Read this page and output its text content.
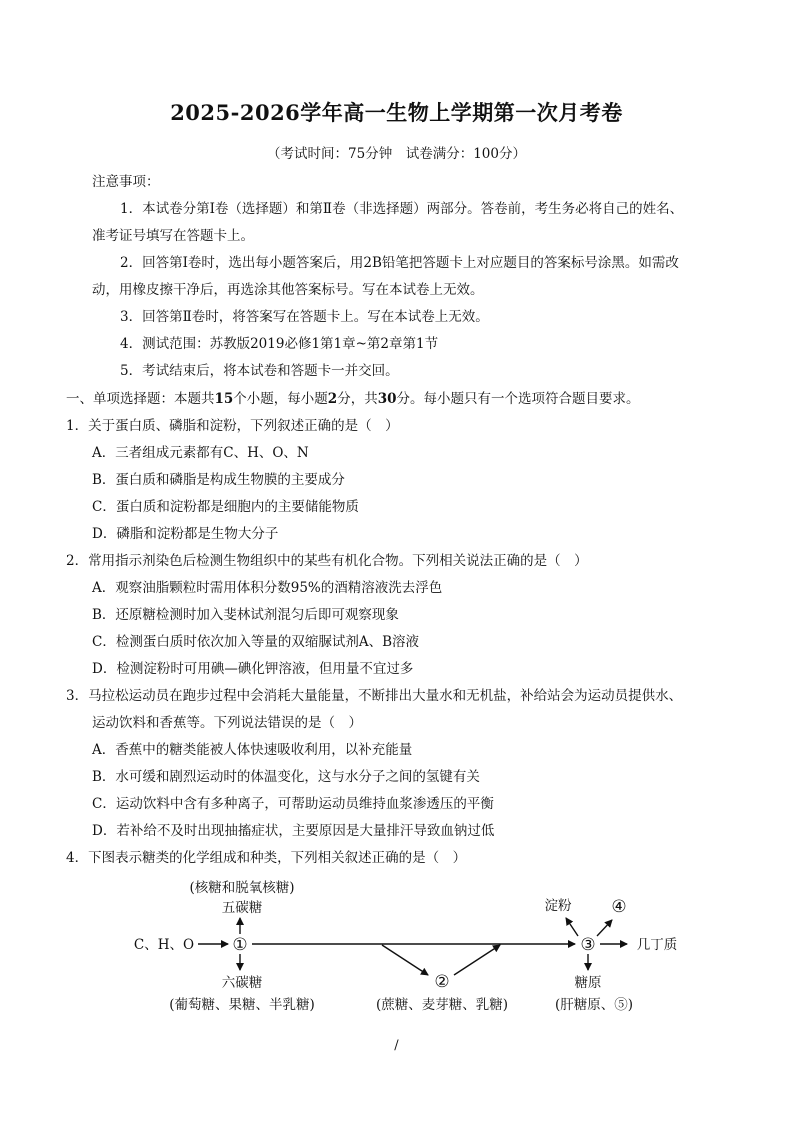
2025-2026学年高一生物上学期第一次月考卷
（考试时间：75分钟　试卷满分：100分）
注意事项：
1．本试卷分第Ⅰ卷（选择题）和第Ⅱ卷（非选择题）两部分。答卷前，考生务必将自己的姓名、
准考证号填写在答题卡上。
2．回答第Ⅰ卷时，选出每小题答案后，用2B铅笔把答题卡上对应题目的答案标号涂黑。如需改
动，用橡皮擦干净后，再选涂其他答案标号。写在本试卷上无效。
3．回答第Ⅱ卷时，将答案写在答题卡上。写在本试卷上无效。
4．测试范围：苏教版2019必修1第1章~第2章第1节
5．考试结束后，将本试卷和答题卡一并交回。
一、单项选择题：本题共15个小题，每小题2分，共30分。每小题只有一个选项符合题目要求。
1．关于蛋白质、磷脂和淀粉，下列叙述正确的是（　）
A．三者组成元素都有C、H、O、N
B．蛋白质和磷脂是构成生物膜的主要成分
C．蛋白质和淀粉都是细胞内的主要储能物质
D．磷脂和淀粉都是生物大分子
2．常用指示剂染色后检测生物组织中的某些有机化合物。下列相关说法正确的是（　）
A．观察油脂颗粒时需用体积分数95%的酒精溶液洗去浮色
B．还原糖检测时加入斐林试剂混匀后即可观察现象
C．检测蛋白质时依次加入等量的双缩脲试剂A、B溶液
D．检测淀粉时可用碘—碘化钾溶液，但用量不宜过多
3．马拉松运动员在跑步过程中会消耗大量能量，不断排出大量水和无机盐，补给站会为运动员提供水、
运动饮料和香蕉等。下列说法错误的是（　）
A．香蕉中的糖类能被人体快速吸收利用，以补充能量
B．水可缓和剧烈运动时的体温变化，这与水分子之间的氢键有关
C．运动饮料中含有多种离子，可帮助运动员维持血浆渗透压的平衡
D．若补给不及时出现抽搐症状，主要原因是大量排汗导致血钠过低
4．下图表示糖类的化学组成和种类，下列相关叙述正确的是（　）
(核糖和脱氧核糖)
五碳糖
C、H、O ①
六碳糖
(葡萄糖、果糖、半乳糖)
②
(蔗糖、麦芽糖、乳糖)
③
淀粉 ④
几丁质
糖原
(肝糖原、⑤)
/
